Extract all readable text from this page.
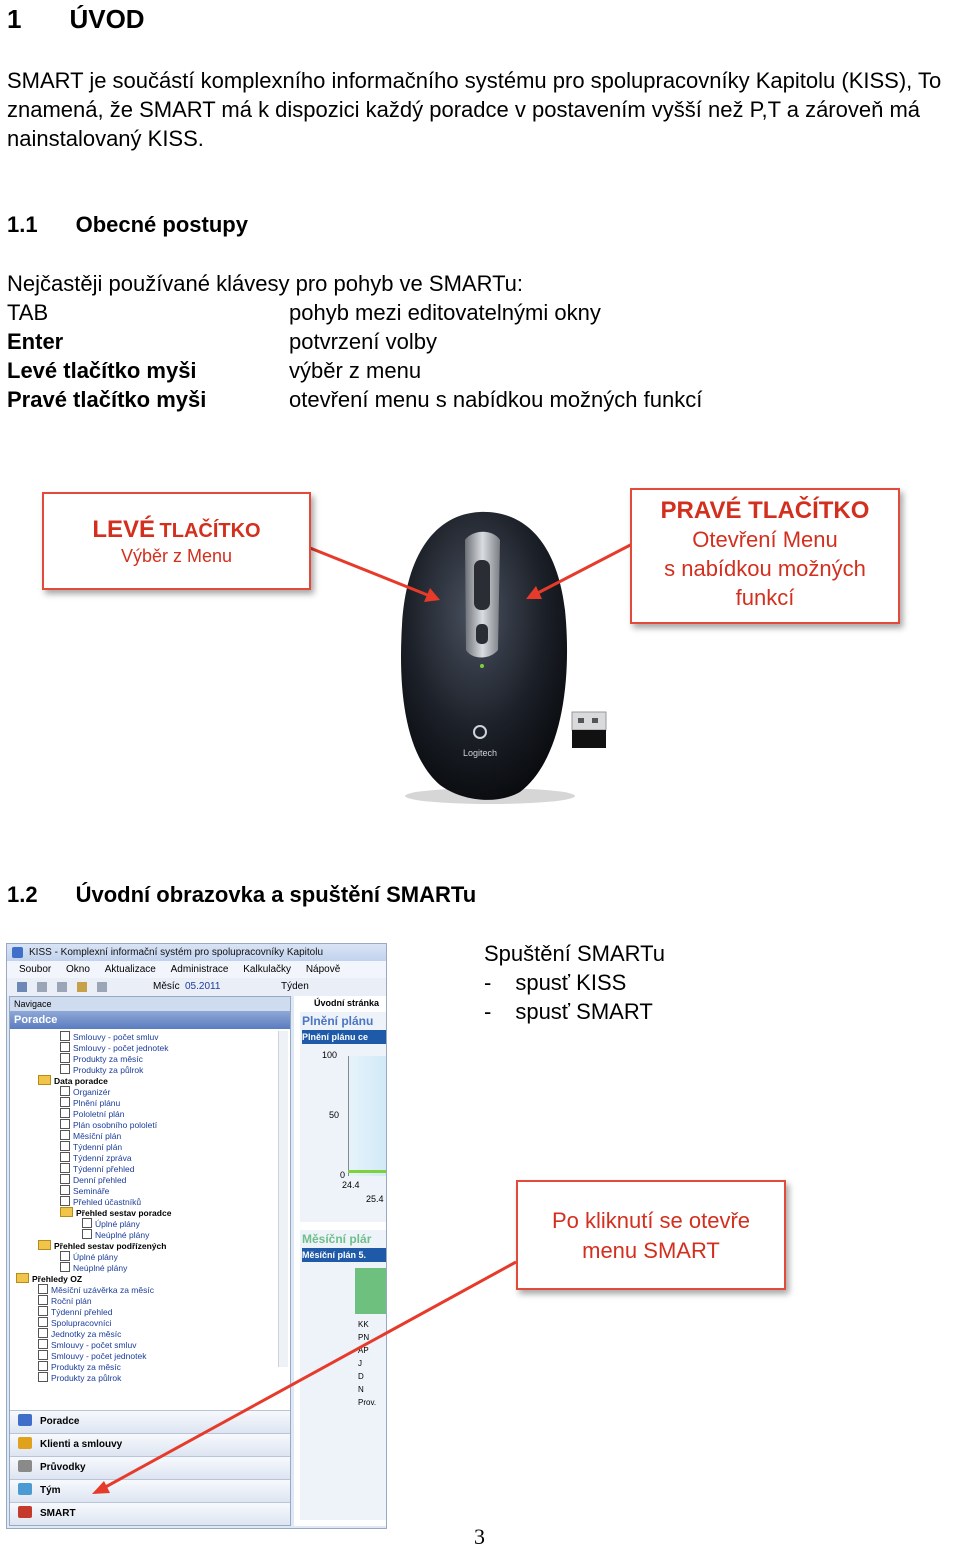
1 ÚVOD
SMART je součástí komplexního informačního systému pro spolupracovníky Kapitolu (KISS), To znamená, že SMART má k dispozici každý poradce v postavením vyšší než P,T a zároveň má nainstalovaný KISS.
1.1 Obecné postupy
Nejčastěji používané klávesy pro pohyb ve SMARTu:
TAB	pohyb mezi editovatelnými okny
Enter	potvrzení volby
Levé tlačítko myši	výběr z menu
Pravé tlačítko myši	otevření menu s nabídkou možných funkcí
Logitech
LEVÉ TLAČÍTKO
Výběr z Menu
PRAVÉ TLAČÍTKO
Otevření Menu
s nabídkou možných
funkcí
1.2 Úvodní obrazovka a spuštění SMARTu
KISS - Komplexní informační systém pro spolupracovníky Kapitolu
Soubor Okno Aktualizace Administrace Kalkulačky Nápově
Měsíc 05.2011	Týden
Navigace
Poradce
Smlouvy - počet smluv
Smlouvy - počet jednotek
Produkty za měsíc
Produkty za půlrok
Data poradce
Organizér
Plnění plánu
Pololetní plán
Plán osobního pololetí
Měsíční plán
Týdenní plán
Týdenní zpráva
Týdenní přehled
Denní přehled
Semináře
Přehled účastníků
Přehled sestav poradce
Úplné plány
Neúplné plány
Přehled sestav podřízených
Úplné plány
Neúplné plány
Přehledy OZ
Měsíční uzávěrka za měsíc
Roční plán
Týdenní přehled
Spolupracovníci
Jednotky za měsíc
Smlouvy - počet smluv
Smlouvy - počet jednotek
Produkty za měsíc
Produkty za půlrok
Poradce
Klienti a smlouvy
Průvodky
Tým
SMART
Úvodní stránka
Plnění plánu
Plnění plánu ce
100
50
0
24.4
25.4
Měsíční plár
Měsíční plán 5.
KK
PN
AP
J
D
N
Prov.
Spuštění SMARTu
- spusť KISS
- spusť SMART
Po kliknutí se otevře
menu SMART
3
